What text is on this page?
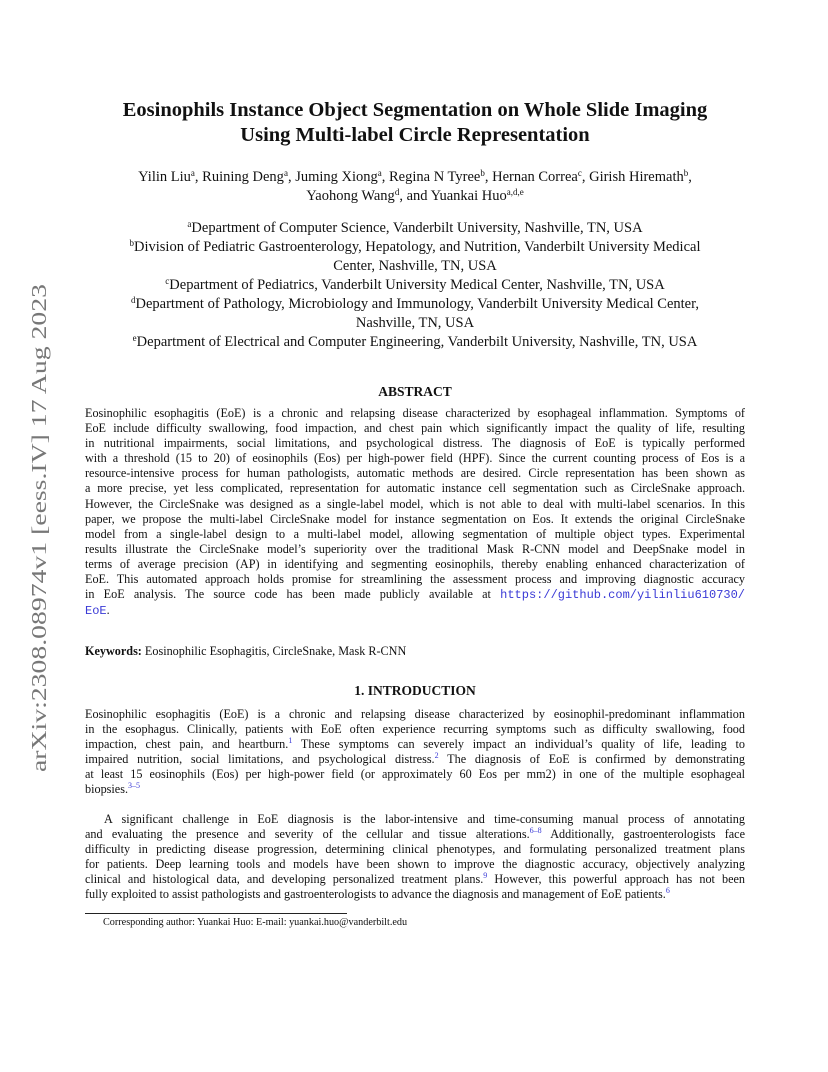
arXiv:2308.08974v1 [eess.IV] 17 Aug 2023
Eosinophils Instance Object Segmentation on Whole Slide Imaging
Using Multi-label Circle Representation
Yilin Liu$^a$, Ruining Deng$^a$, Juming Xiong$^a$, Regina N Tyree$^b$, Hernan Correa$^c$, Girish Hiremath$^b$,
Yaohong Wang$^d$, and Yuankai Huo$^{a,d,e}$
$^a$Department of Computer Science, Vanderbilt University, Nashville, TN, USA
$^b$Division of Pediatric Gastroenterology, Hepatology, and Nutrition, Vanderbilt University Medical
Center, Nashville, TN, USA
$^c$Department of Pediatrics, Vanderbilt University Medical Center, Nashville, TN, USA
$^d$Department of Pathology, Microbiology and Immunology, Vanderbilt University Medical Center,
Nashville, TN, USA
$^e$Department of Electrical and Computer Engineering, Vanderbilt University, Nashville, TN, USA
ABSTRACT
Eosinophilic esophagitis (EoE) is a chronic and relapsing disease characterized by esophageal inflammation. Symptoms of
EoE include difficulty swallowing, food impaction, and chest pain which significantly impact the quality of life, resulting
in nutritional impairments, social limitations, and psychological distress. The diagnosis of EoE is typically performed
with a threshold (15 to 20) of eosinophils (Eos) per high-power field (HPF). Since the current counting process of Eos is a
resource-intensive process for human pathologists, automatic methods are desired. Circle representation has been shown as
a more precise, yet less complicated, representation for automatic instance cell segmentation such as CircleSnake approach.
However, the CircleSnake was designed as a single-label model, which is not able to deal with multi-label scenarios. In this
paper, we propose the multi-label CircleSnake model for instance segmentation on Eos. It extends the original CircleSnake
model from a single-label design to a multi-label model, allowing segmentation of multiple object types. Experimental
results illustrate the CircleSnake model’s superiority over the traditional Mask R-CNN model and DeepSnake model in
terms of average precision (AP) in identifying and segmenting eosinophils, thereby enabling enhanced characterization of
EoE. This automated approach holds promise for streamlining the assessment process and improving diagnostic accuracy
in EoE analysis. The source code has been made publicly available at https://github.com/yilinliu610730/
EoE.
Keywords: Eosinophilic Esophagitis, CircleSnake, Mask R-CNN
1. INTRODUCTION
Eosinophilic esophagitis (EoE) is a chronic and relapsing disease characterized by eosinophil-predominant inflammation
in the esophagus. Clinically, patients with EoE often experience recurring symptoms such as difficulty swallowing, food
impaction, chest pain, and heartburn.$^1$ These symptoms can severely impact an individual’s quality of life, leading to
impaired nutrition, social limitations, and psychological distress.$^2$ The diagnosis of EoE is confirmed by demonstrating
at least 15 eosinophils (Eos) per high-power field (or approximately 60 Eos per mm2) in one of the multiple esophageal
biopsies.$^{3-5}$
A significant challenge in EoE diagnosis is the labor-intensive and time-consuming manual process of annotating
and evaluating the presence and severity of the cellular and tissue alterations.$^{6-8}$ Additionally, gastroenterologists face
difficulty in predicting disease progression, determining clinical phenotypes, and formulating personalized treatment plans
for patients. Deep learning tools and models have been shown to improve the diagnostic accuracy, objectively analyzing
clinical and histological data, and developing personalized treatment plans.$^9$ However, this powerful approach has not been
fully exploited to assist pathologists and gastroenterologists to advance the diagnosis and management of EoE patients.$^6$
Corresponding author: Yuankai Huo: E-mail: yuankai.huo@vanderbilt.edu
